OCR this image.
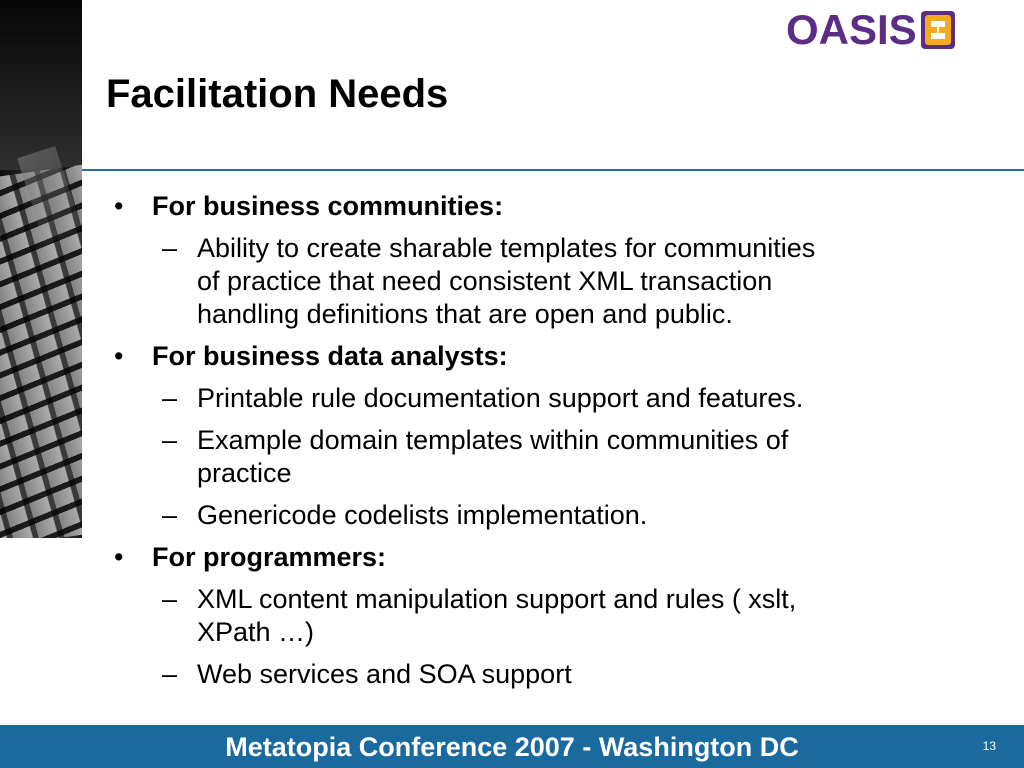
OASIS
Facilitation Needs
• For business communities:
– Ability to create sharable templates for communities of practice that need consistent XML transaction handling definitions that are open and public.
• For business data analysts:
– Printable rule documentation support and features.
– Example domain templates within communities of practice
– Genericode codelists implementation.
• For programmers:
– XML content manipulation support and rules ( xslt, XPath …)
– Web services and SOA support
Metatopia Conference 2007 - Washington DC	13
